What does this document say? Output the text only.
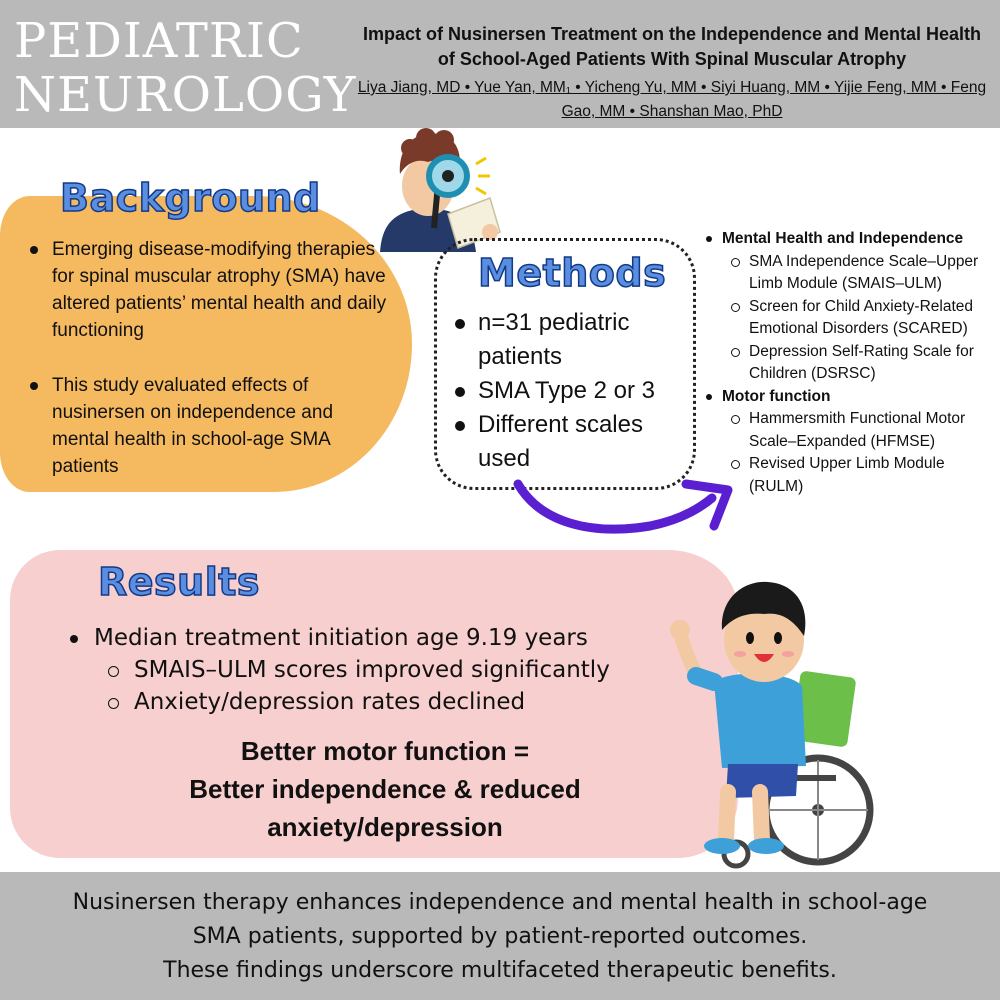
PEDIATRIC
NEUROLOGY
Impact of Nusinersen Treatment on the Independence and Mental Health of School-Aged Patients With Spinal Muscular Atrophy
Liya Jiang, MD • Yue Yan, MM₁ • Yicheng Yu, MM • Siyi Huang, MM • Yijie Feng, MM • Feng Gao, MM • Shanshan Mao, PhD
Background
Emerging disease-modifying therapies for spinal muscular atrophy (SMA) have altered patients’ mental health and daily functioning
This study evaluated effects of nusinersen on independence and mental health in school-age SMA patients
Methods
n=31 pediatric patients
SMA Type 2 or 3
Different scales used
Mental Health and Independence
SMA Independence Scale–Upper Limb Module (SMAIS–ULM)
Screen for Child Anxiety-Related Emotional Disorders (SCARED)
Depression Self-Rating Scale for Children (DSRSC)
Motor function
Hammersmith Functional Motor Scale–Expanded (HFMSE)
Revised Upper Limb Module (RULM)
Results
Median treatment initiation age 9.19 years
SMAIS–ULM scores improved significantly
Anxiety/depression rates declined
Better motor function =
Better independence & reduced
anxiety/depression
Nusinersen therapy enhances independence and mental health in school-age
SMA patients, supported by patient-reported outcomes.
These findings underscore multifaceted therapeutic benefits.
